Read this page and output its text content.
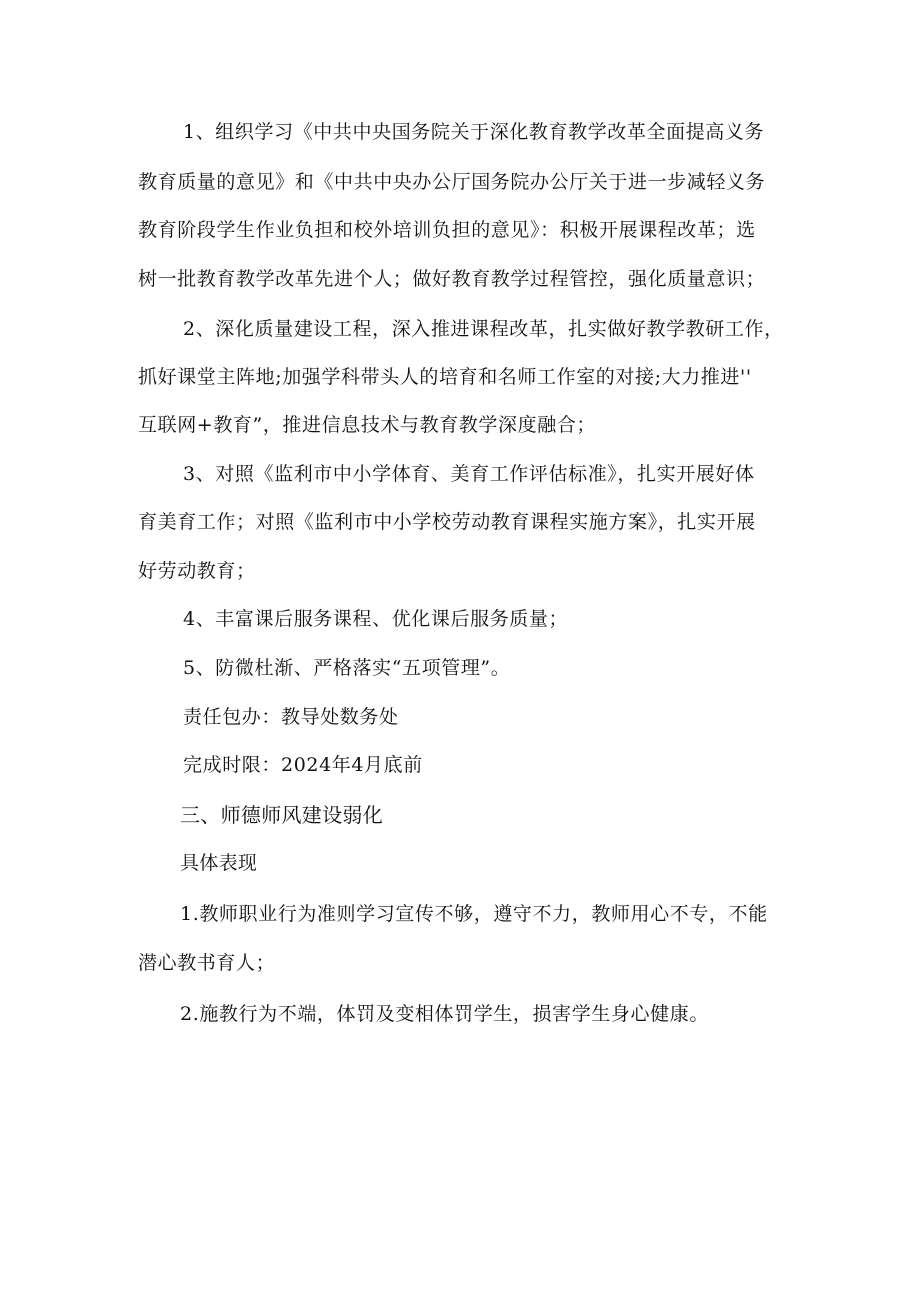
1、组织学习《中共中央国务院关于深化教育教学改革全面提高义务
教育质量的意见》和《中共中央办公厅国务院办公厅关于进一步减轻义务
教育阶段学生作业负担和校外培训负担的意见》：积极开展课程改革；选
树一批教育教学改革先进个人；做好教育教学过程管控，强化质量意识；
2、深化质量建设工程，深入推进课程改革，扎实做好教学教研工作，
抓好课堂主阵地;加强学科带头人的培育和名师工作室的对接;大力推进''
互联网+教育”，推进信息技术与教育教学深度融合；
3、对照《监利市中小学体育、美育工作评估标准》，扎实开展好体
育美育工作；对照《监利市中小学校劳动教育课程实施方案》，扎实开展
好劳动教育；
4、丰富课后服务课程、优化课后服务质量；
5、防微杜渐、严格落实“五项管理”。
责任包办：教导处数务处
完成时限：2024年4月底前
三、师德师风建设弱化
具体表现
1.教师职业行为准则学习宣传不够，遵守不力，教师用心不专，不能
潜心教书育人；
2.施教行为不端，体罚及变相体罚学生，损害学生身心健康。
